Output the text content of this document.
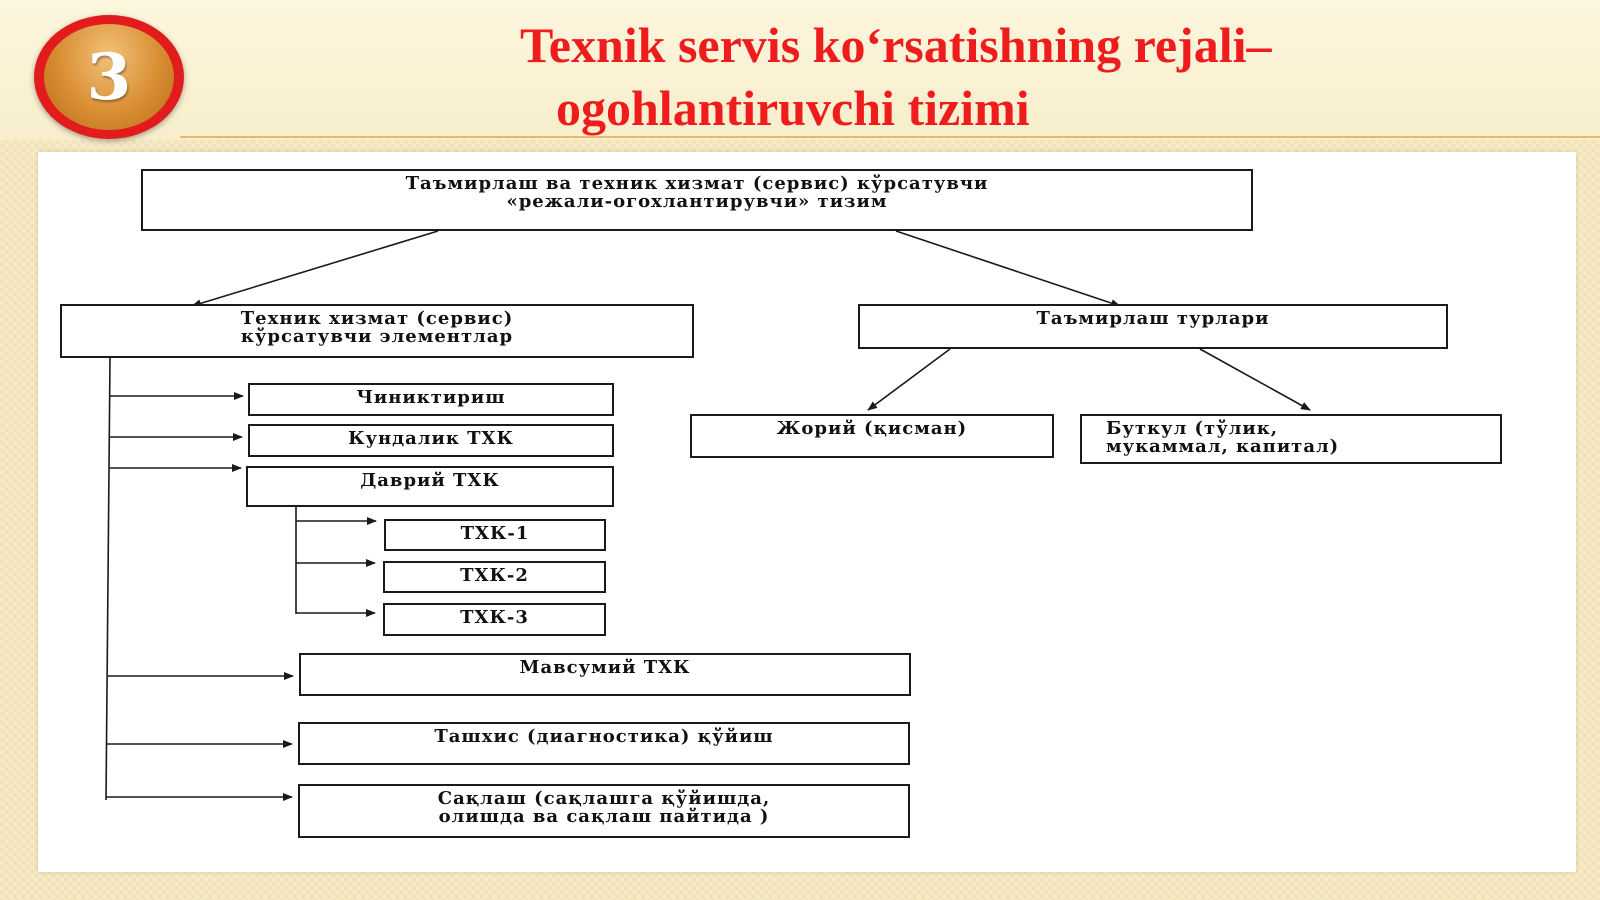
3	Texnik servis ko‘rsatishning rejali–
ogohlantiruvchi tizimi
Таъмирлаш ва техник хизмат (сервис) кўрсатувчи
«режали-огохлантирувчи» тизим
Техник хизмат (сервис)
кўрсатувчи элементлар
Таъмирлаш турлари
Жорий (қисман)	Буткул (тўлик,
мукаммал, капитал)
Чиниктириш
Кундалик ТХК
Даврий ТХК
ТХК-1
ТХК-2
ТХК-3
Мавсумий ТХК
Ташхис (диагностика) қўйиш
Сақлаш (сақлашга қўйишда,
олишда ва сақлаш пайтида )
